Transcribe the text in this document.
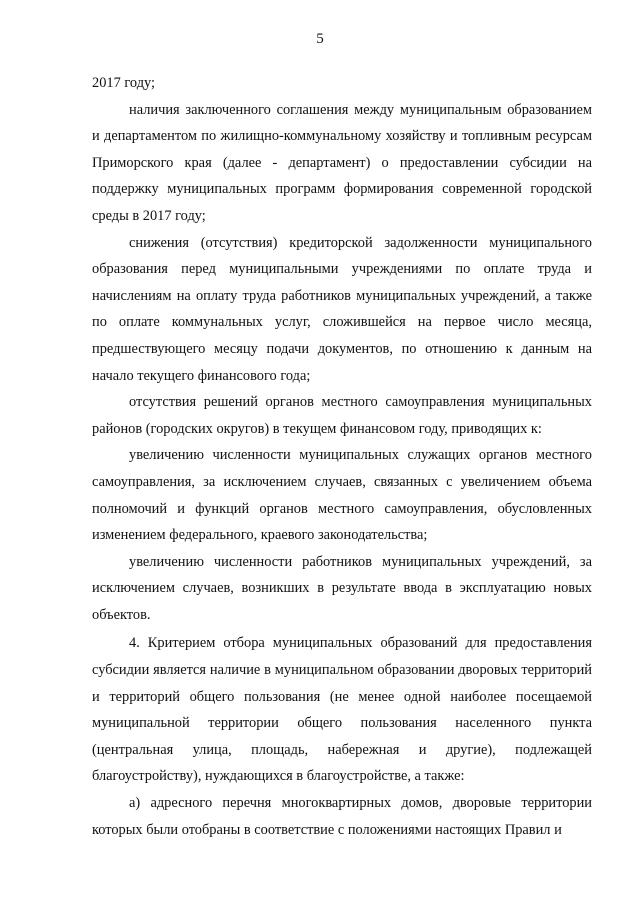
5

2017 году;

наличия заключенного соглашения между муниципальным образованием и департаментом по жилищно-коммунальному хозяйству и топливным ресурсам Приморского края (далее - департамент) о предоставлении субсидии на поддержку муниципальных программ формирования современной городской среды в 2017 году;

снижения (отсутствия) кредиторской задолженности муниципального образования перед муниципальными учреждениями по оплате труда и начислениям на оплату труда работников муниципальных учреждений, а также по оплате коммунальных услуг, сложившейся на первое число месяца, предшествующего месяцу подачи документов, по отношению к данным на начало текущего финансового года;

отсутствия решений органов местного самоуправления муниципальных районов (городских округов) в текущем финансовом году, приводящих к:

увеличению численности муниципальных служащих органов местного самоуправления, за исключением случаев, связанных с увеличением объема полномочий и функций органов местного самоуправления, обусловленных изменением федерального, краевого законодательства;

увеличению численности работников муниципальных учреждений, за исключением случаев, возникших в результате ввода в эксплуатацию новых объектов.

4. Критерием отбора муниципальных образований для предоставления субсидии является наличие в муниципальном образовании дворовых территорий и территорий общего пользования (не менее одной наиболее посещаемой муниципальной территории общего пользования населенного пункта (центральная улица, площадь, набережная и другие), подлежащей благоустройству), нуждающихся в благоустройстве, а также:

а) адресного перечня многоквартирных домов, дворовые территории которых были отобраны в соответствие с положениями настоящих Правил и
